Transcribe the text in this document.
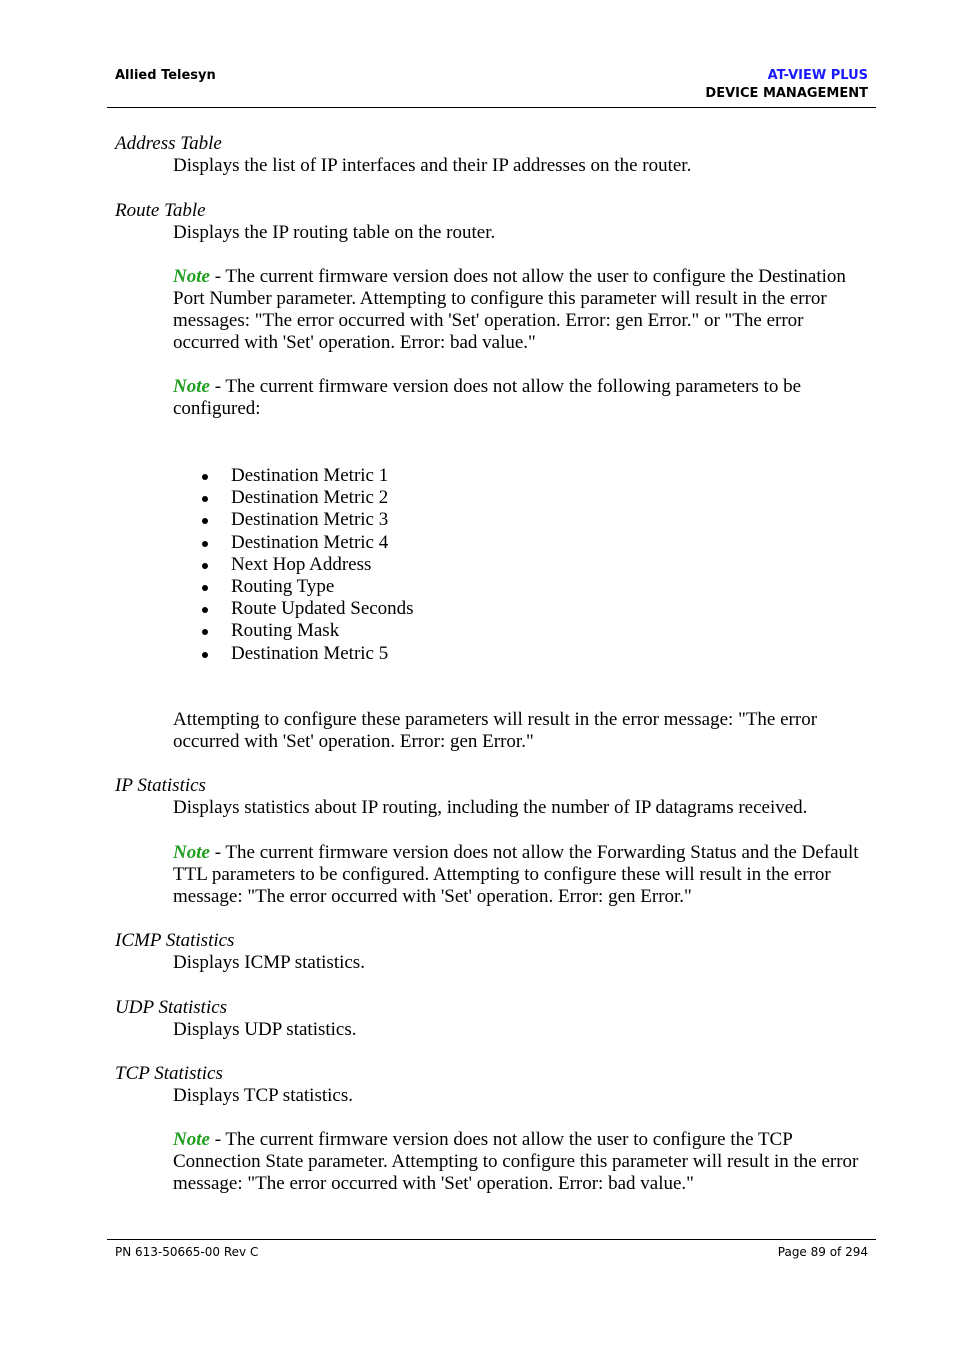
Allied Telesyn	AT-VIEW PLUS
DEVICE MANAGEMENT
Address Table
Displays the list of IP interfaces and their IP addresses on the router.
Route Table
Displays the IP routing table on the router.
Note - The current firmware version does not allow the user to configure the Destination Port Number parameter. Attempting to configure this parameter will result in the error messages: "The error occurred with 'Set' operation. Error: gen Error." or "The error occurred with 'Set' operation. Error: bad value."
Note - The current firmware version does not allow the following parameters to be configured:
Destination Metric 1
Destination Metric 2
Destination Metric 3
Destination Metric 4
Next Hop Address
Routing Type
Route Updated Seconds
Routing Mask
Destination Metric 5
Attempting to configure these parameters will result in the error message: "The error occurred with 'Set' operation. Error: gen Error."
IP Statistics
Displays statistics about IP routing, including the number of IP datagrams received.
Note - The current firmware version does not allow the Forwarding Status and the Default TTL parameters to be configured. Attempting to configure these will result in the error message: "The error occurred with 'Set' operation. Error: gen Error."
ICMP Statistics
Displays ICMP statistics.
UDP Statistics
Displays UDP statistics.
TCP Statistics
Displays TCP statistics.
Note - The current firmware version does not allow the user to configure the TCP Connection State parameter. Attempting to configure this parameter will result in the error message: "The error occurred with 'Set' operation. Error: bad value."
PN 613-50665-00 Rev C	Page 89 of 294
